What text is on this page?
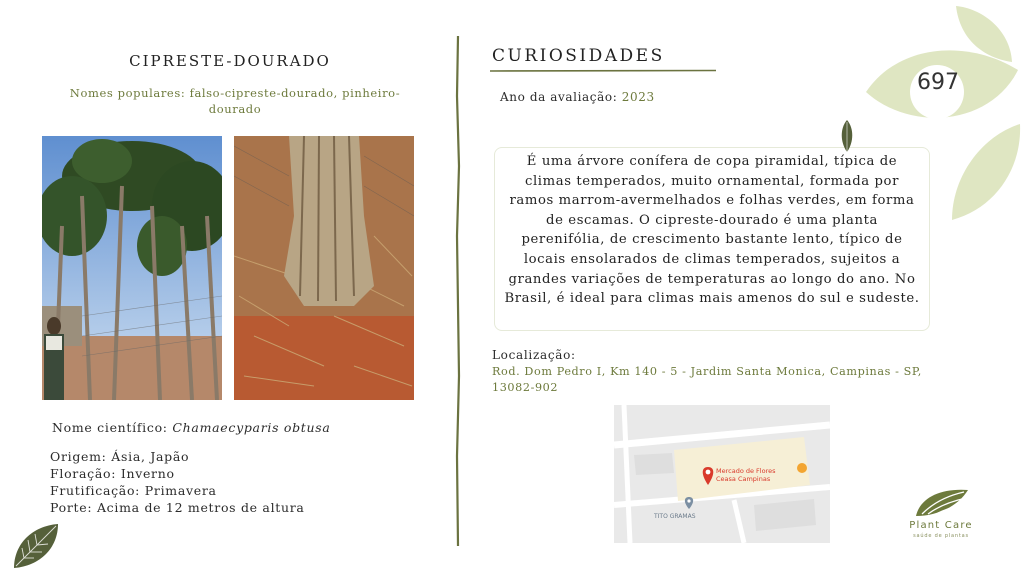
CIPRESTE-DOURADO
Nomes populares: falso-cipreste-dourado, pinheiro-dourado
Nome científico: Chamaecyparis obtusa
Origem: Ásia, Japão
Floração: Inverno
Frutificação: Primavera
Porte: Acima de 12 metros de altura
CURIOSIDADES
Ano da avaliação: 2023
É uma árvore conífera de copa piramidal, típica de climas temperados, muito ornamental, formada por ramos marrom-avermelhados e folhas verdes, em forma de escamas. O cipreste-dourado é uma planta perenifólia, de crescimento bastante lento, típico de locais ensolarados de climas temperados, sujeitos a grandes variações de temperaturas ao longo do ano. No Brasil, é ideal para climas mais amenos do sul e sudeste.
Localização:
Rod. Dom Pedro I, Km 140 - 5 - Jardim Santa Monica, Campinas - SP, 13082-902
Mercado de Flores
Ceasa Campinas
TITO GRAMAS
697
Plant Care
saúde de plantas
